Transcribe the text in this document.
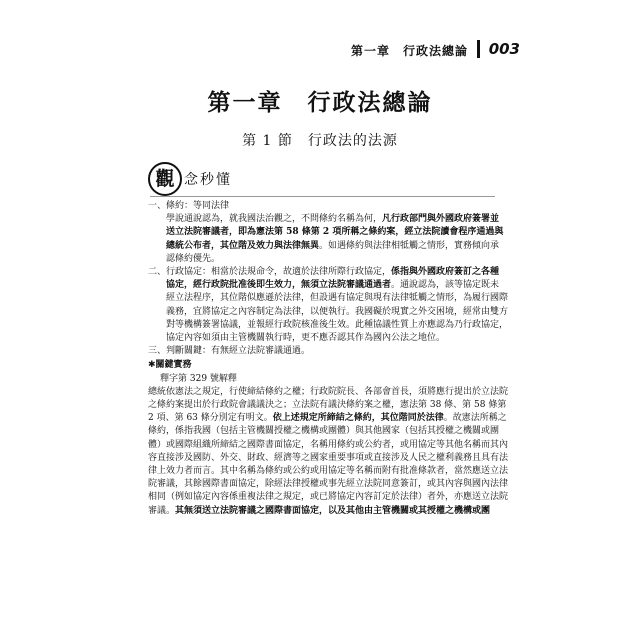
第一章　行政法總論 003
第一章　行政法總論
第 1 節　行政法的法源
觀 念秒懂
一、條約：等同法律

學說通說認為，就我國法治觀之，不問條約名稱為何，凡行政部門與外國政府簽署並送立法院審議者，即為憲法第 58 條第 2 項所稱之條約案，經立法院讀會程序通過與總統公布者，其位階及效力與法律無異。如遇條約與法律相牴觸之情形，實務傾向承認條約優先。

二、行政協定：相當於法規命令，故適於法律所際行政協定，係指與外國政府簽訂之各種協定，經行政院批准後即生效力，無須立法院審議通過者。通說認為，該等協定既未經立法程序，其位階似應遜於法律，但設遇有協定與現有法律牴觸之情形，為履行國際義務，宜將協定之內容制定為法律，以便執行。我國礙於現實之外交困境，經常由雙方對等機構簽署協議，並報經行政院核准後生效。此種協議性質上亦應認為乃行政協定，協定內容如須由主管機關執行時，更不應否認其作為國內公法之地位。

三、判斷關鍵：有無經立法院審議通過。
✱關鍵實務

釋字第 329 號解釋

總統依憲法之規定，行使締結條約之權；行政院院長、各部會首長，須將應行提出於立法院之條約案提出於行政院會議議決之；立法院有議決條約案之權，憲法第 38 條、第 58 條第 2 項、第 63 條分別定有明文。依上述規定所締結之條約，其位階同於法律。故憲法所稱之條約，係指我國（包括主管機關授權之機構或團體）與其他國家（包括其授權之機關或團體）或國際組織所締結之國際書面協定，名稱用條約或公約者，或用協定等其他名稱而其內容直接涉及國防、外交、財政、經濟等之國家重要事項或直接涉及人民之權利義務且具有法律上效力者而言。其中名稱為條約或公約或用協定等名稱而附有批准條款者，當然應送立法院審議，其餘國際書面協定，除經法律授權或事先經立法院同意簽訂，或其內容與國內法律相同（例如協定內容係重複法律之規定，或已將協定內容訂定於法律）者外，亦應送立法院審議。其無須送立法院審議之國際書面協定，以及其他由主管機關或其授權之機構或團
